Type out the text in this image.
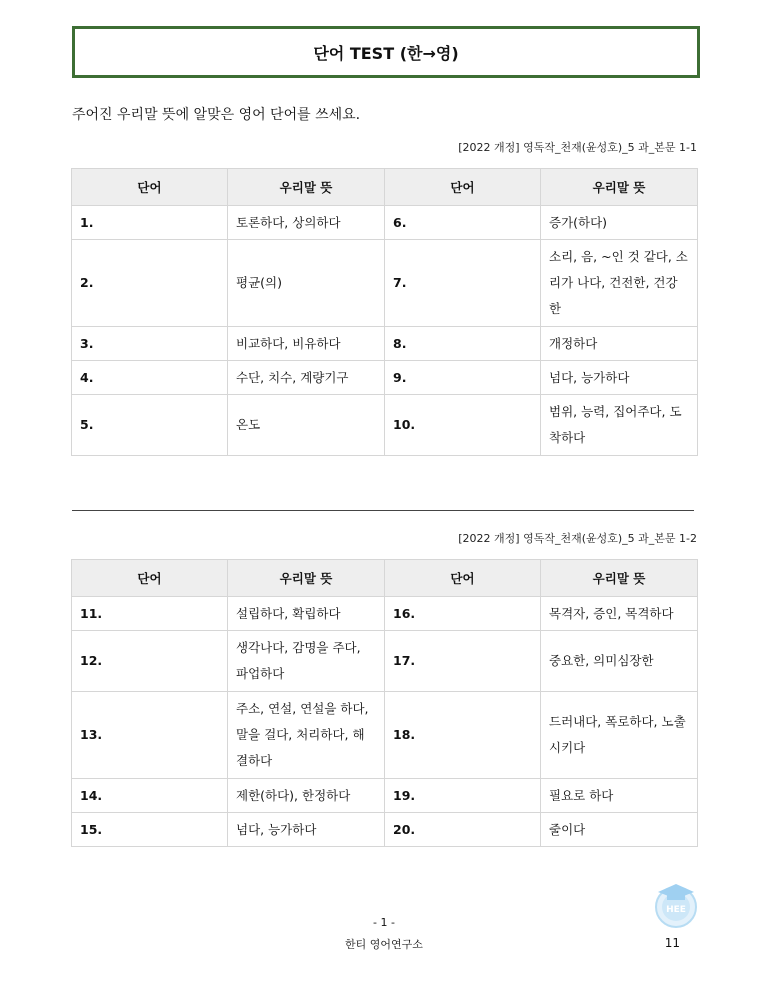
단어 TEST (한→영)
주어진 우리말 뜻에 알맞은 영어 단어를 쓰세요.
[2022 개정] 영독작_천재(윤성호)_5 과_본문 1-1
단어	우리말 뜻	단어	우리말 뜻
1.	토론하다, 상의하다	6.	증가(하다)
2.	평균(의)	7.	소리, 음, ~인 것 같다, 소리가 나다, 건전한, 건강한
3.	비교하다, 비유하다	8.	개정하다
4.	수단, 치수, 계량기구	9.	넘다, 능가하다
5.	온도	10.	범위, 능력, 집어주다, 도착하다
[2022 개정] 영독작_천재(윤성호)_5 과_본문 1-2
단어	우리말 뜻	단어	우리말 뜻
11.	설립하다, 확립하다	16.	목격자, 증인, 목격하다
12.	생각나다, 감명을 주다, 파업하다	17.	중요한, 의미심장한
13.	주소, 연설, 연설을 하다, 말을 걸다, 처리하다, 해결하다	18.	드러내다, 폭로하다, 노출시키다
14.	제한(하다), 한정하다	19.	필요로 하다
15.	넘다, 능가하다	20.	줄이다
HEE
- 1 -
한티 영어연구소	11
